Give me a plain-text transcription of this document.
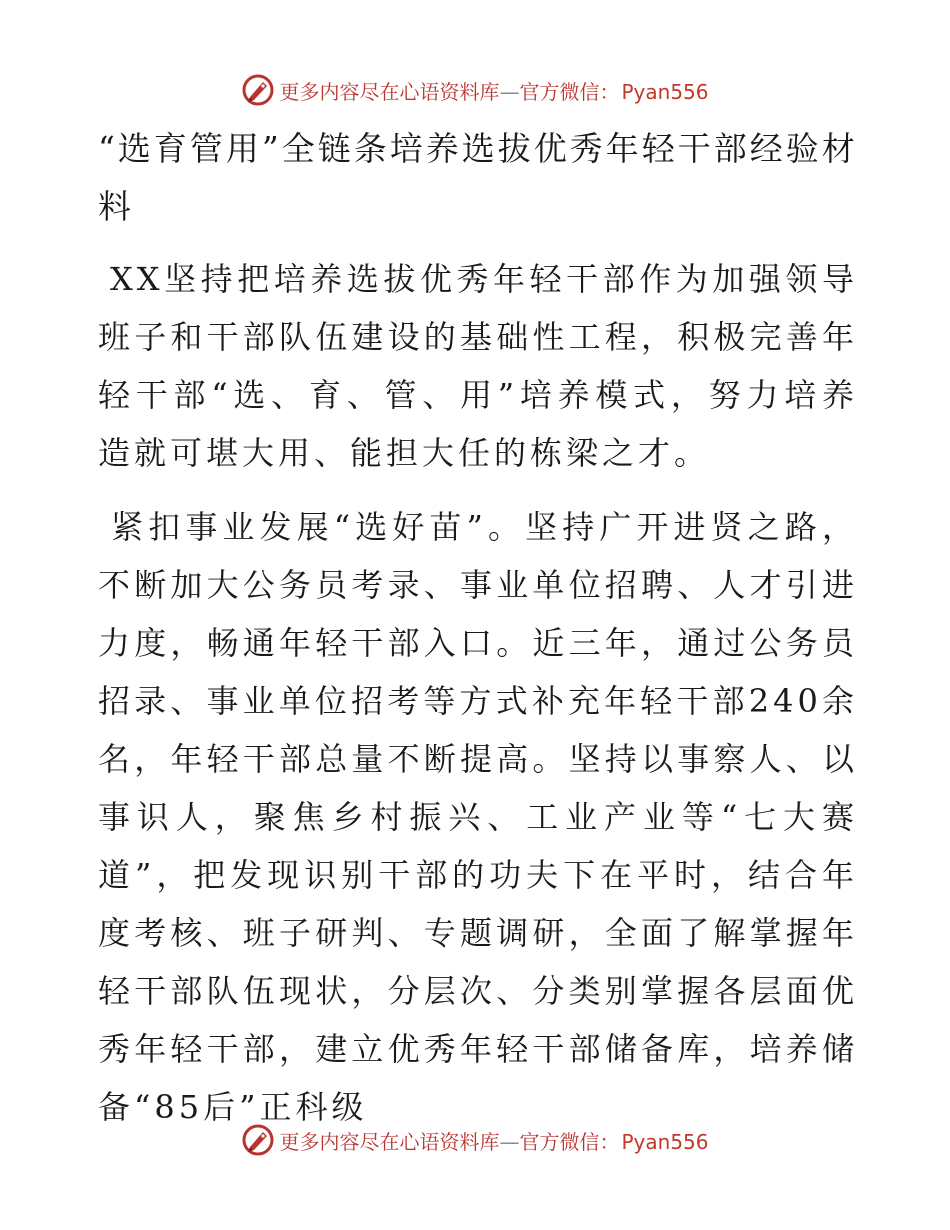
更多内容尽在心语资料库—官方微信： Pyan556
“选育管用”全链条培养选拔优秀年轻干部经验材料

XX坚持把培养选拔优秀年轻干部作为加强领导班子和干部队伍建设的基础性工程，积极完善年轻干部“选、育、管、用”培养模式，努力培养造就可堪大用、能担大任的栋梁之才。

紧扣事业发展“选好苗”。坚持广开进贤之路，不断加大公务员考录、事业单位招聘、人才引进力度，畅通年轻干部入口。近三年，通过公务员招录、事业单位招考等方式补充年轻干部240余名，年轻干部总量不断提高。坚持以事察人、以事识人，聚焦乡村振兴、工业产业等“七大赛道”，把发现识别干部的功夫下在平时，结合年度考核、班子研判、专题调研，全面了解掌握年轻干部队伍现状，分层次、分类别掌握各层面优秀年轻干部，建立优秀年轻干部储备库，培养储备“85后”正科级

更多内容尽在心语资料库—官方微信： Pyan556
